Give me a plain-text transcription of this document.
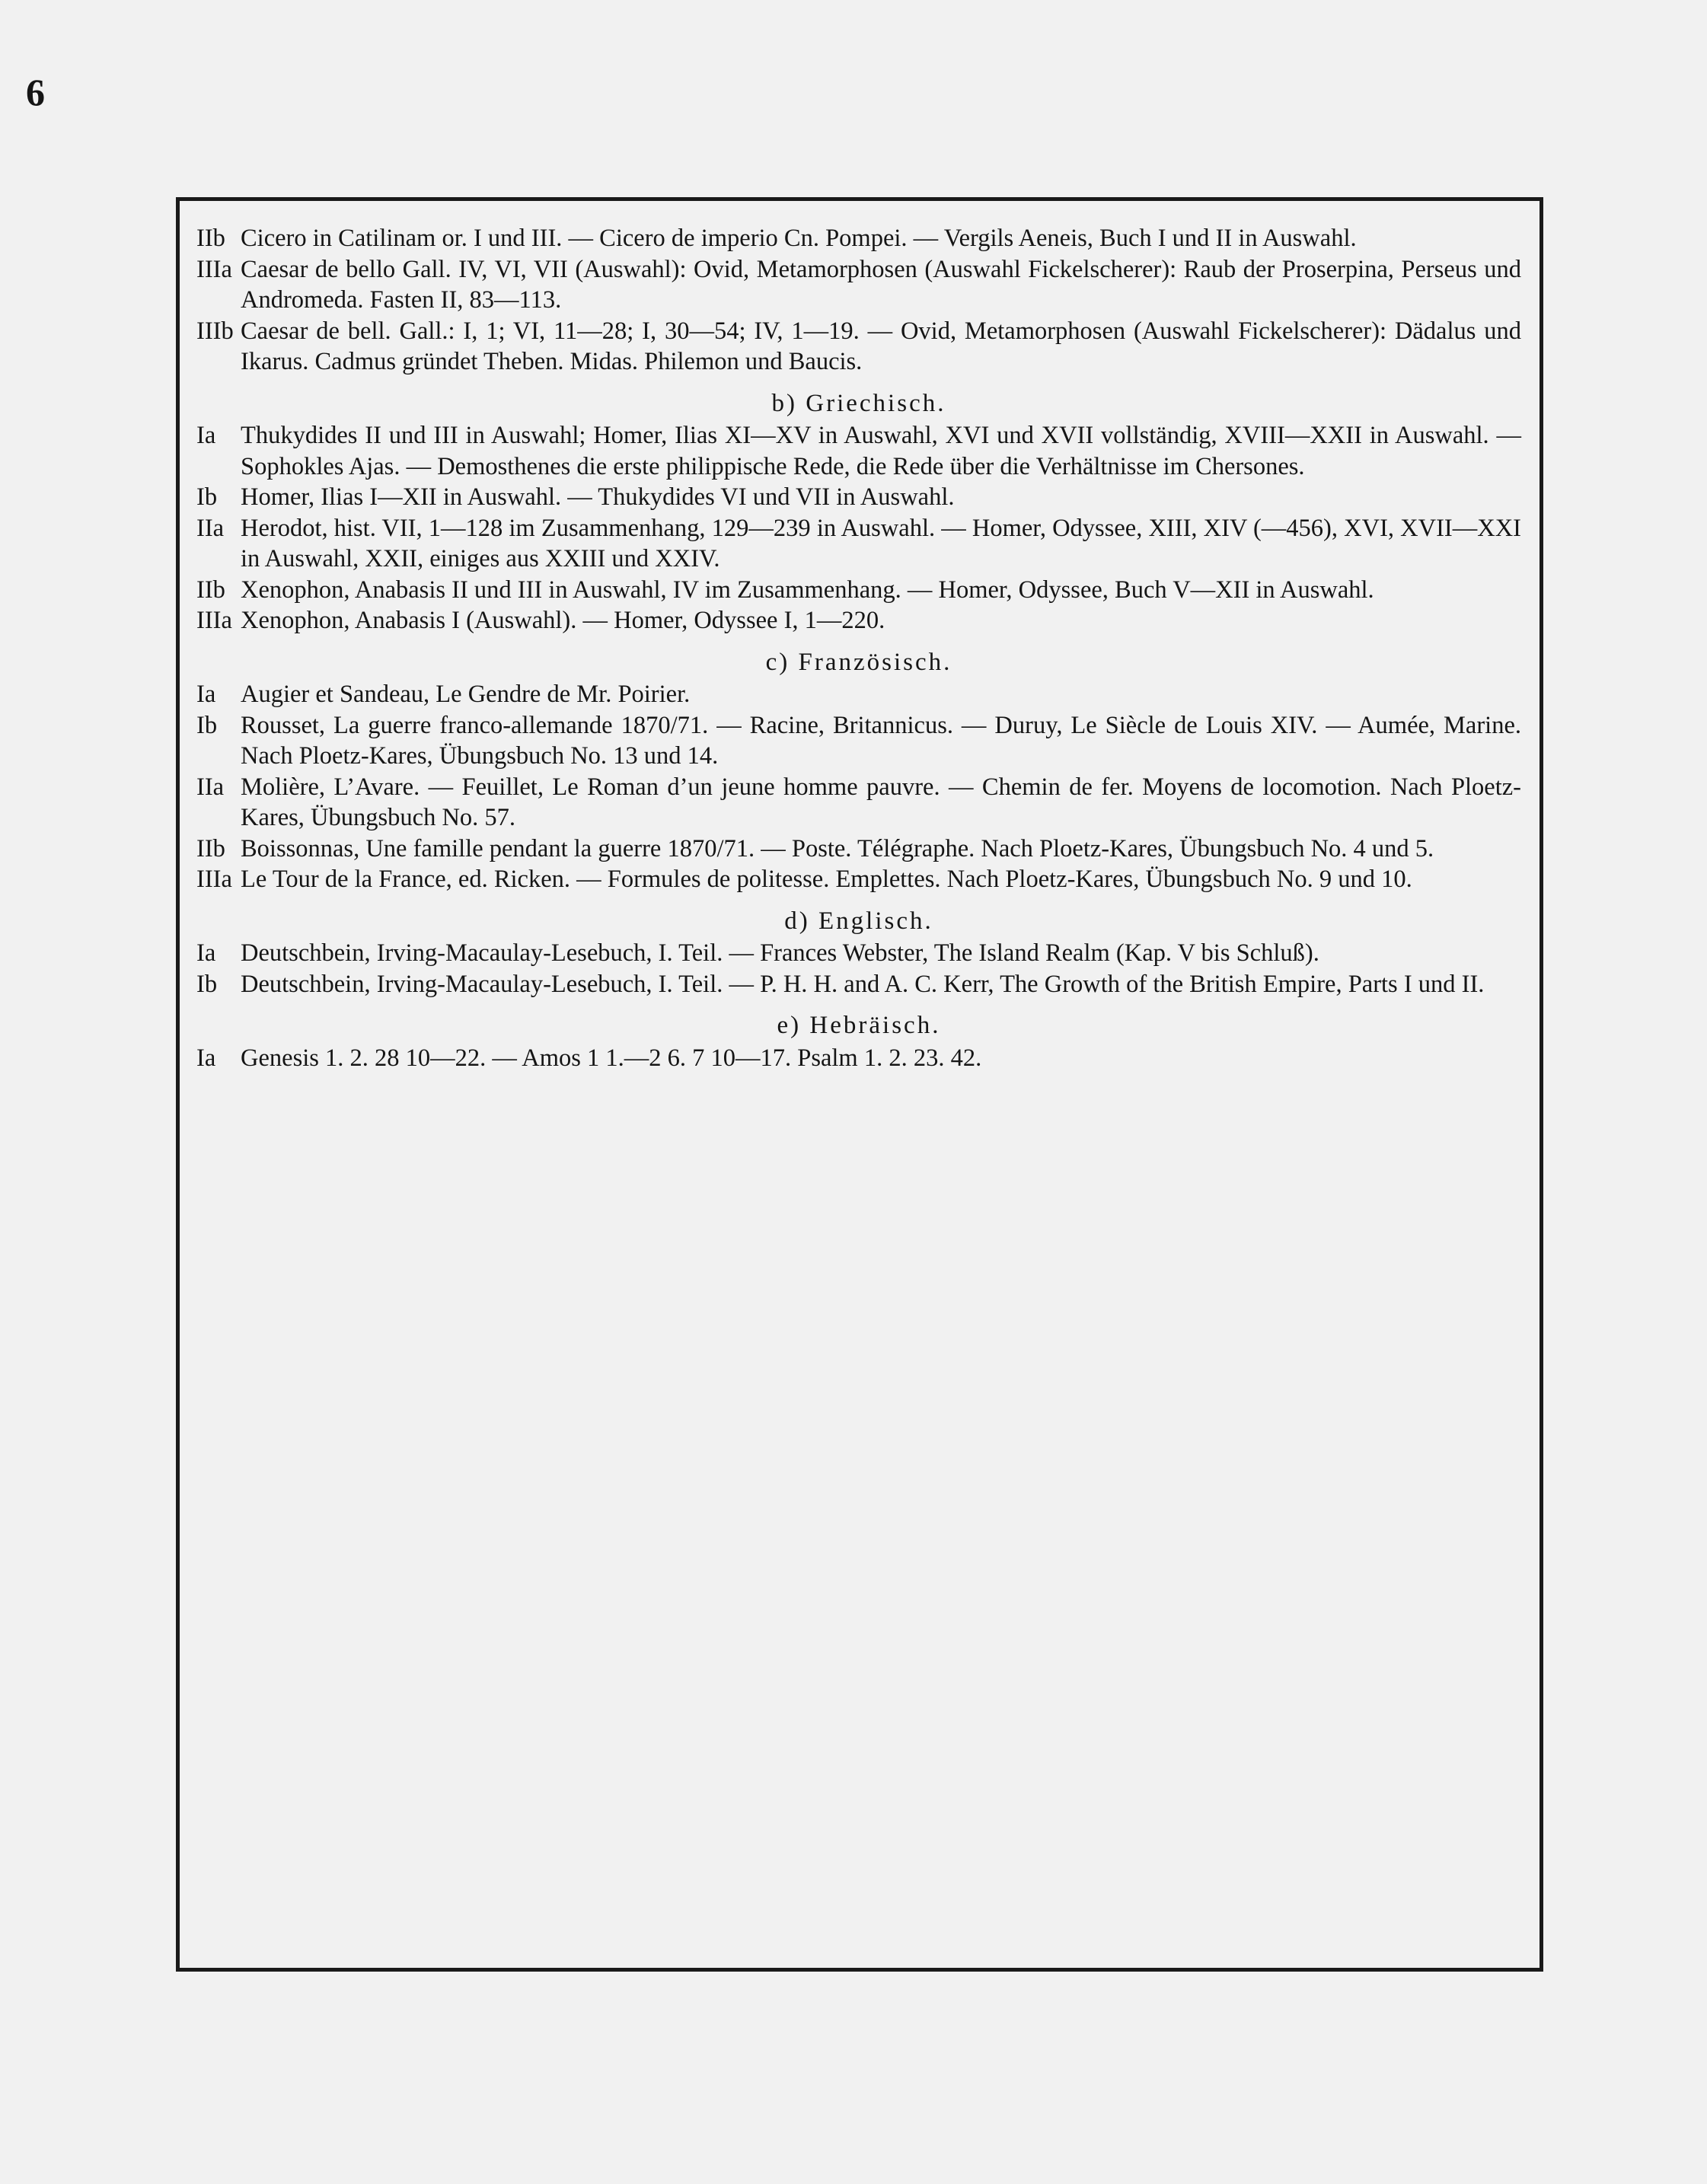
6
IIb Cicero in Catilinam or. I und III. — Cicero de imperio Cn. Pompei. — Vergils Aeneis, Buch I und II in Auswahl.
IIIa Caesar de bello Gall. IV, VI, VII (Auswahl): Ovid, Metamorphosen (Auswahl Fickelscherer): Raub der Proserpina, Perseus und Andromeda. Fasten II, 83—113.
IIIb Caesar de bell. Gall.: I, 1; VI, 11—28; I, 30—54; IV, 1—19. — Ovid, Metamorphosen (Auswahl Fickelscherer): Dädalus und Ikarus. Cadmus gründet Theben. Midas. Philemon und Baucis.
b) Griechisch.
Ia	Thukydides II und III in Auswahl; Homer, Ilias XI—XV in Auswahl, XVI und XVII vollständig, XVIII—XXII in Auswahl. — Sophokles Ajas. — Demosthenes die erste philippische Rede, die Rede über die Verhältnisse im Chersones.
Ib Homer, Ilias I—XII in Auswahl. — Thukydides VI und VII in Auswahl.
IIa Herodot, hist. VII, 1—128 im Zusammenhang, 129—239 in Auswahl. — Homer, Odyssee, XIII, XIV (—456), XVI, XVII—XXI in Auswahl, XXII, einiges aus XXIII und XXIV.
IIb Xenophon, Anabasis II und III in Auswahl, IV im Zusammenhang. — Homer, Odyssee, Buch V—XII in Auswahl.
IIIa Xenophon, Anabasis I (Auswahl). — Homer, Odyssee I, 1—220.
c) Französisch.
Ia	Augier et Sandeau, Le Gendre de Mr. Poirier.
Ib Rousset, La guerre franco-allemande 1870/71. — Racine, Britannicus. — Duruy, Le Siècle de Louis XIV. — Aumée, Marine. Nach Ploetz-Kares, Übungsbuch No. 13 und 14.
IIa Molière, L’Avare. — Feuillet, Le Roman d’un jeune homme pauvre. — Chemin de fer. Moyens de locomotion. Nach Ploetz-Kares, Übungsbuch No. 57.
IIb Boissonnas, Une famille pendant la guerre 1870/71. — Poste. Télégraphe. Nach Ploetz-Kares, Übungsbuch No. 4 und 5.
IIIa Le Tour de la France, ed. Ricken. — Formules de politesse. Emplettes. Nach Ploetz-Kares, Übungsbuch No. 9 und 10.
d) Englisch.
Ia	Deutschbein, Irving-Macaulay-Lesebuch, I. Teil. — Frances Webster, The Island Realm (Kap. V bis Schluß).
Ib Deutschbein, Irving-Macaulay-Lesebuch, I. Teil. — P. H. H. and A. C. Kerr, The Growth of the British Empire, Parts I und II.
e) Hebräisch.
Ia	Genesis 1. 2. 28 10—22. — Amos 1 1.—2 6. 7 10—17. Psalm 1. 2. 23. 42.
